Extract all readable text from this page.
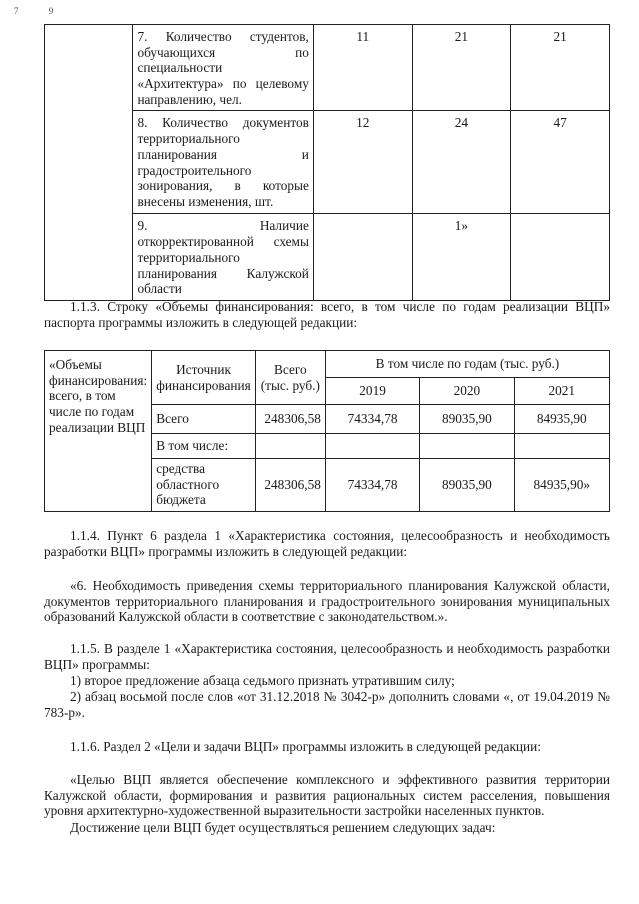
7 9
	7. Количество студентов, обучающихся по специальности «Архитектура» по целевому направлению, чел.	11	21	21
	8. Количество документов территориального планирования и градостроительного зонирования, в которые внесены изменения, шт.	12	24	47
	9. Наличие откорректированной схемы территориального планирования Калужской области		1»	

1.1.3. Строку «Объемы финансирования: всего, в том числе по годам реализации ВЦП» паспорта программы изложить в следующей редакции:

«Объемы финансирования: всего, в том числе по годам реализации ВЦП	Источник финансирования	Всего (тыс. руб.)	В том числе по годам (тыс. руб.)		
			2019	2020	2021
	Всего	248306,58	74334,78	89035,90	84935,90
	В том числе:				
	средства областного бюджета	248306,58	74334,78	89035,90	84935,90»

1.1.4. Пункт 6 раздела 1 «Характеристика состояния, целесообразность и необходимость разработки ВЦП» программы изложить в следующей редакции:

«6. Необходимость приведения схемы территориального планирования Калужской области, документов территориального планирования и градостроительного зонирования муниципальных образований Калужской области в соответствие с законодательством.».

1.1.5. В разделе 1 «Характеристика состояния, целесообразность и необходимость разработки ВЦП» программы:

1) второе предложение абзаца седьмого признать утратившим силу;

2) абзац восьмой после слов «от 31.12.2018 № 3042-р» дополнить словами «, от 19.04.2019 № 783-р».

1.1.6. Раздел 2 «Цели и задачи ВЦП» программы изложить в следующей редакции:

«Целью ВЦП является обеспечение комплексного и эффективного развития территории Калужской области, формирования и развития рациональных систем расселения, повышения уровня архитектурно-художественной выразительности застройки населенных пунктов.

Достижение цели ВЦП будет осуществляться решением следующих задач:
